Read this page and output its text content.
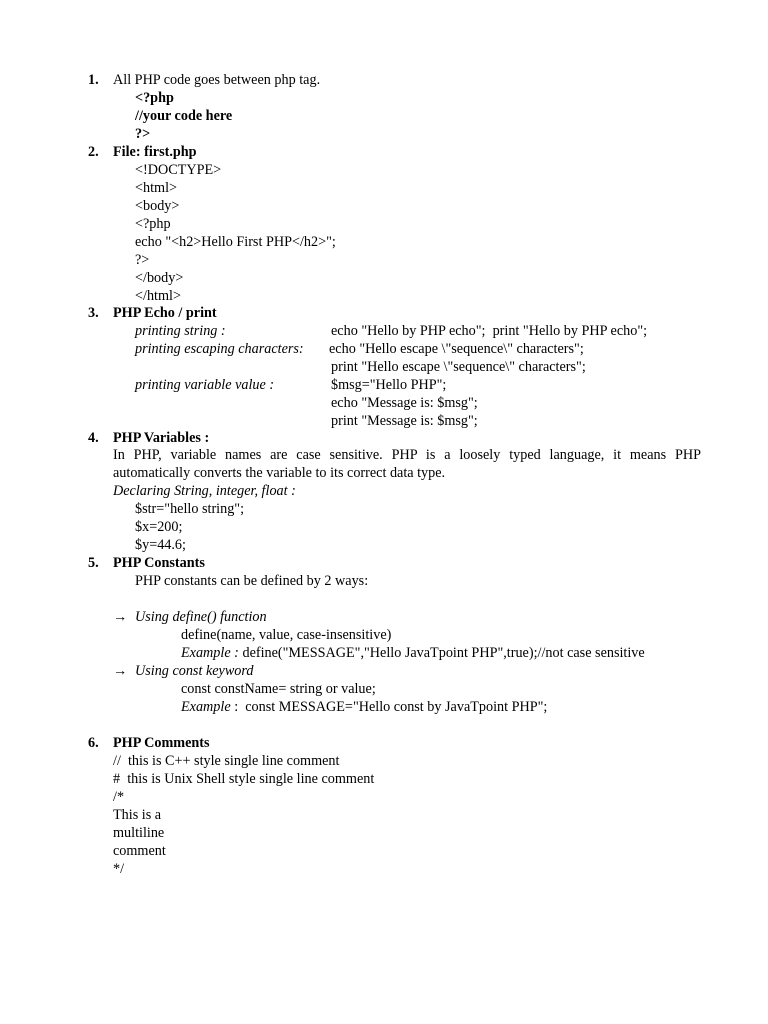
1. All PHP code goes between php tag.
<?php
//your code here
?>
2. File: first.php
<!DOCTYPE>
<html>
<body>
<?php
echo "<h2>Hello First PHP</h2>";
?>
</body>
</html>
3. PHP Echo / print
printing string :	echo "Hello by PHP echo";  print "Hello by PHP echo";
printing escaping characters: echo "Hello escape \"sequence\" characters";
print "Hello escape \"sequence\" characters";
printing variable value :	$msg="Hello PHP";
echo "Message is: $msg";
print "Message is: $msg";
4. PHP Variables :
In PHP, variable names are case sensitive. PHP is a loosely typed language, it means PHP automatically converts the variable to its correct data type.
Declaring String, integer, float :
$str="hello string";
$x=200;
$y=44.6;
5. PHP Constants
PHP constants can be defined by 2 ways:
→ Using define() function
define(name, value, case-insensitive)
Example : define("MESSAGE","Hello JavaTpoint PHP",true);//not case sensitive
→ Using const keyword
const constName= string or value;
Example :  const MESSAGE="Hello const by JavaTpoint PHP";
6. PHP Comments
//  this is C++ style single line comment
#  this is Unix Shell style single line comment
/*
This is a
multiline
comment
*/
